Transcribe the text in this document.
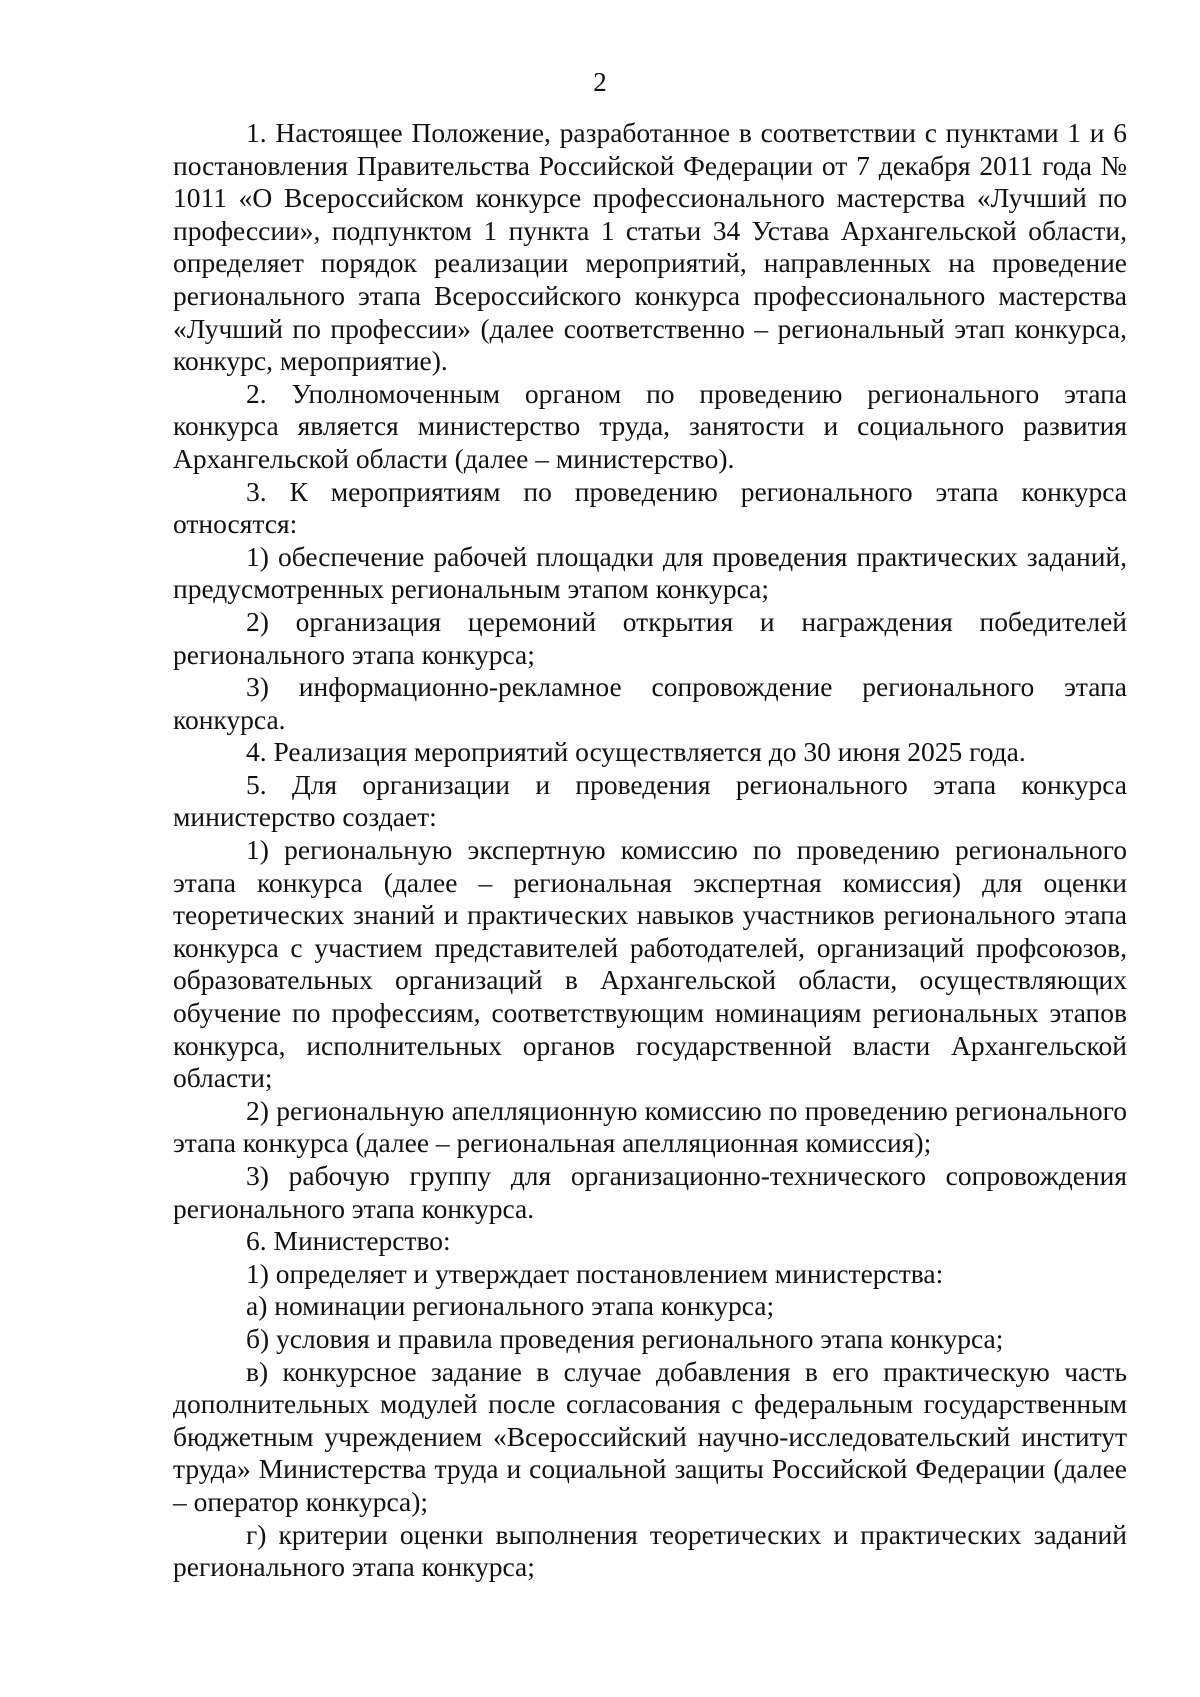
2

1. Настоящее Положение, разработанное в соответствии с пунктами 1 и 6 постановления Правительства Российской Федерации от 7 декабря 2011 года № 1011 «О Всероссийском конкурсе профессионального мастерства «Лучший по профессии», подпунктом 1 пункта 1 статьи 34 Устава Архангельской области, определяет порядок реализации мероприятий, направленных на проведение регионального этапа Всероссийского конкурса профессионального мастерства «Лучший по профессии» (далее соответственно – региональный этап конкурса, конкурс, мероприятие).

2. Уполномоченным органом по проведению регионального этапа конкурса является министерство труда, занятости и социального развития Архангельской области (далее – министерство).

3. К мероприятиям по проведению регионального этапа конкурса относятся:

1) обеспечение рабочей площадки для проведения практических заданий, предусмотренных региональным этапом конкурса;

2) организация церемоний открытия и награждения победителей регионального этапа конкурса;

3) информационно-рекламное сопровождение регионального этапа конкурса.

4. Реализация мероприятий осуществляется до 30 июня 2025 года.

5. Для организации и проведения регионального этапа конкурса министерство создает:

1) региональную экспертную комиссию по проведению регионального этапа конкурса (далее – региональная экспертная комиссия) для оценки теоретических знаний и практических навыков участников регионального этапа конкурса с участием представителей работодателей, организаций профсоюзов, образовательных организаций в Архангельской области, осуществляющих обучение по профессиям, соответствующим номинациям региональных этапов конкурса, исполнительных органов государственной власти Архангельской области;

2) региональную апелляционную комиссию по проведению регионального этапа конкурса (далее – региональная апелляционная комиссия);

3) рабочую группу для организационно-технического сопровождения регионального этапа конкурса.

6. Министерство:

1) определяет и утверждает постановлением министерства:

а) номинации регионального этапа конкурса;

б) условия и правила проведения регионального этапа конкурса;

в) конкурсное задание в случае добавления в его практическую часть дополнительных модулей после согласования с федеральным государственным бюджетным учреждением «Всероссийский научно-исследовательский институт труда» Министерства труда и социальной защиты Российской Федерации (далее – оператор конкурса);

г) критерии оценки выполнения теоретических и практических заданий регионального этапа конкурса;
